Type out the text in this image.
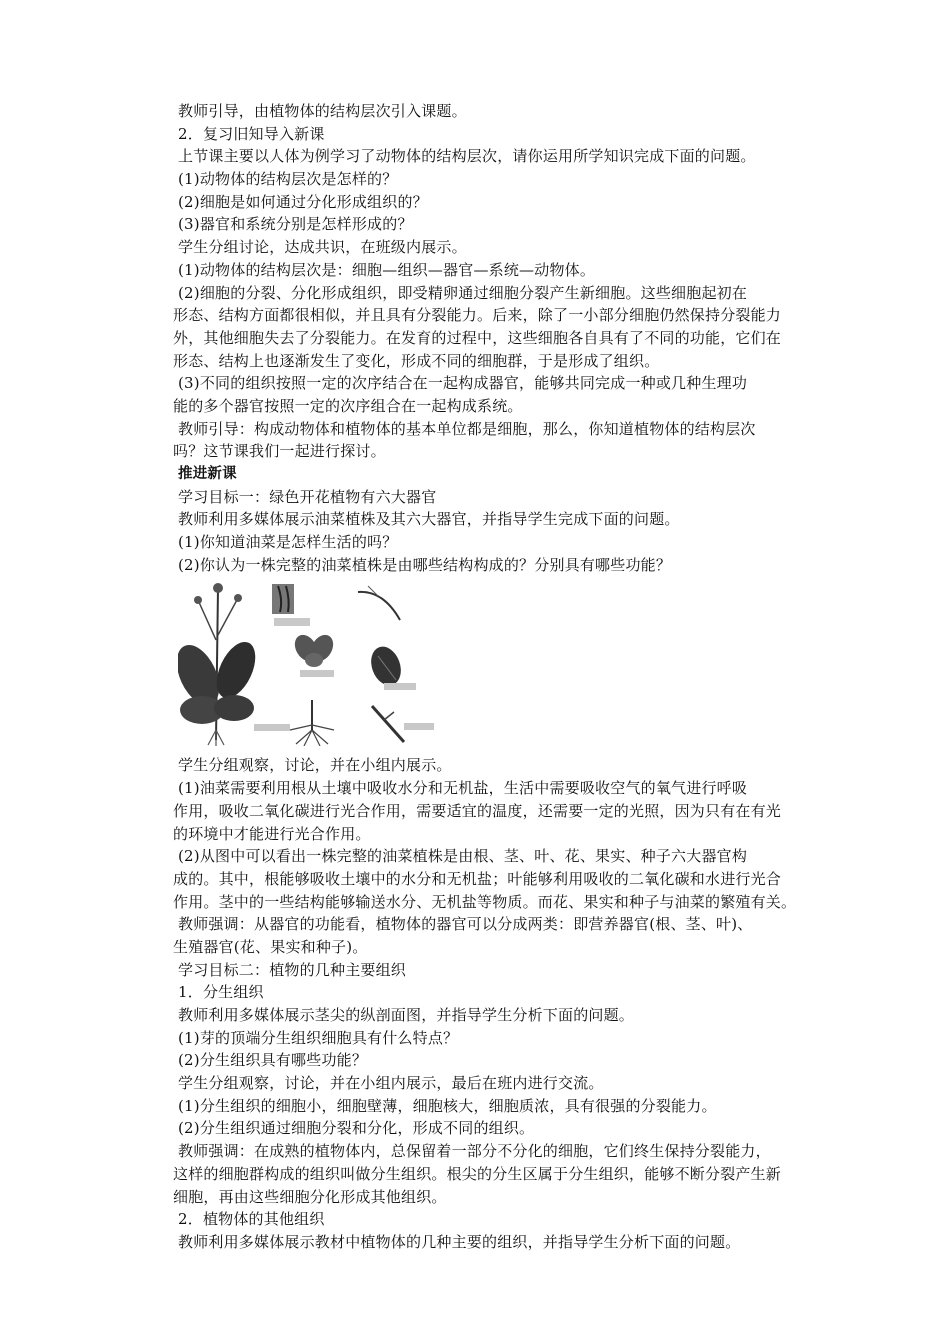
教师引导，由植物体的结构层次引入课题。
2．复习旧知导入新课
上节课主要以人体为例学习了动物体的结构层次，请你运用所学知识完成下面的问题。
(1)动物体的结构层次是怎样的？
(2)细胞是如何通过分化形成组织的？
(3)器官和系统分别是怎样形成的？
学生分组讨论，达成共识，在班级内展示。
(1)动物体的结构层次是：细胞—组织—器官—系统—动物体。
(2)细胞的分裂、分化形成组织，即受精卵通过细胞分裂产生新细胞。这些细胞起初在
形态、结构方面都很相似，并且具有分裂能力。后来，除了一小部分细胞仍然保持分裂能力
外，其他细胞失去了分裂能力。在发育的过程中，这些细胞各自具有了不同的功能，它们在
形态、结构上也逐渐发生了变化，形成不同的细胞群，于是形成了组织。
(3)不同的组织按照一定的次序结合在一起构成器官，能够共同完成一种或几种生理功
能的多个器官按照一定的次序组合在一起构成系统。
教师引导：构成动物体和植物体的基本单位都是细胞，那么，你知道植物体的结构层次
吗？这节课我们一起进行探讨。
推进新课
学习目标一：绿色开花植物有六大器官
教师利用多媒体展示油菜植株及其六大器官，并指导学生完成下面的问题。
(1)你知道油菜是怎样生活的吗？
(2)你认为一株完整的油菜植株是由哪些结构构成的？分别具有哪些功能？
学生分组观察，讨论，并在小组内展示。
(1)油菜需要利用根从土壤中吸收水分和无机盐，生活中需要吸收空气的氧气进行呼吸
作用，吸收二氧化碳进行光合作用，需要适宜的温度，还需要一定的光照，因为只有在有光
的环境中才能进行光合作用。
(2)从图中可以看出一株完整的油菜植株是由根、茎、叶、花、果实、种子六大器官构
成的。其中，根能够吸收土壤中的水分和无机盐；叶能够利用吸收的二氧化碳和水进行光合
作用。茎中的一些结构能够输送水分、无机盐等物质。而花、果实和种子与油菜的繁殖有关。
教师强调：从器官的功能看，植物体的器官可以分成两类：即营养器官(根、茎、叶)、
生殖器官(花、果实和种子)。
学习目标二：植物的几种主要组织
1．分生组织
教师利用多媒体展示茎尖的纵剖面图，并指导学生分析下面的问题。
(1)芽的顶端分生组织细胞具有什么特点？
(2)分生组织具有哪些功能？
学生分组观察，讨论，并在小组内展示，最后在班内进行交流。
(1)分生组织的细胞小，细胞壁薄，细胞核大，细胞质浓，具有很强的分裂能力。
(2)分生组织通过细胞分裂和分化，形成不同的组织。
教师强调：在成熟的植物体内，总保留着一部分不分化的细胞，它们终生保持分裂能力，
这样的细胞群构成的组织叫做分生组织。根尖的分生区属于分生组织，能够不断分裂产生新
细胞，再由这些细胞分化形成其他组织。
2．植物体的其他组织
教师利用多媒体展示教材中植物体的几种主要的组织，并指导学生分析下面的问题。
